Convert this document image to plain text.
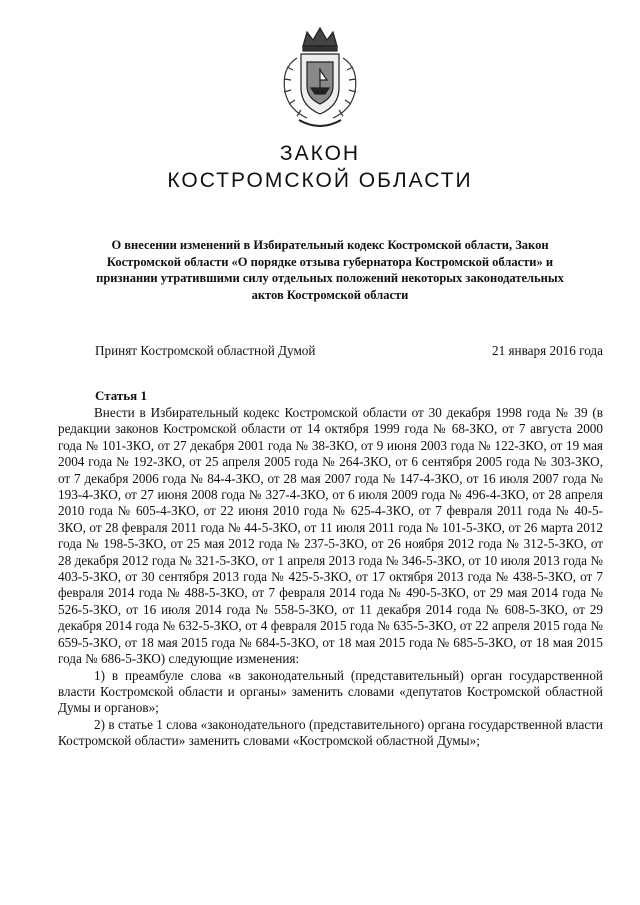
ЗАКОН
КОСТРОМСКОЙ ОБЛАСТИ
О внесении изменений в Избирательный кодекс Костромской области, Закон Костромской области «О порядке отзыва губернатора Костромской области» и признании утратившими силу отдельных положений некоторых законодательных актов Костромской области
Принят Костромской областной Думой	21 января 2016 года
Статья 1

Внести в Избирательный кодекс Костромской области от 30 декабря 1998 года № 39 (в редакции законов Костромской области от 14 октября 1999 года № 68-ЗКО, от 7 августа 2000 года № 101-ЗКО, от 27 декабря 2001 года № 38-ЗКО, от 9 июня 2003 года № 122-ЗКО, от 19 мая 2004 года № 192-ЗКО, от 25 апреля 2005 года № 264-ЗКО, от 6 сентября 2005 года № 303-ЗКО, от 7 декабря 2006 года № 84-4-ЗКО, от 28 мая 2007 года № 147-4-ЗКО, от 16 июля 2007 года № 193-4-ЗКО, от 27 июня 2008 года № 327-4-ЗКО, от 6 июля 2009 года № 496-4-ЗКО, от 28 апреля 2010 года № 605-4-ЗКО, от 22 июня 2010 года № 625-4-ЗКО, от 7 февраля 2011 года № 40-5-ЗКО, от 28 февраля 2011 года № 44-5-ЗКО, от 11 июля 2011 года № 101-5-ЗКО, от 26 марта 2012 года № 198-5-ЗКО, от 25 мая 2012 года № 237-5-ЗКО, от 26 ноября 2012 года № 312-5-ЗКО, от 28 декабря 2012 года № 321-5-ЗКО, от 1 апреля 2013 года № 346-5-ЗКО, от 10 июля 2013 года № 403-5-ЗКО, от 30 сентября 2013 года № 425-5-ЗКО, от 17 октября 2013 года № 438-5-ЗКО, от 7 февраля 2014 года № 488-5-ЗКО, от 7 февраля 2014 года № 490-5-ЗКО, от 29 мая 2014 года № 526-5-ЗКО, от 16 июля 2014 года № 558-5-ЗКО, от 11 декабря 2014 года № 608-5-ЗКО, от 29 декабря 2014 года № 632-5-ЗКО, от 4 февраля 2015 года № 635-5-ЗКО, от 22 апреля 2015 года № 659-5-ЗКО, от 18 мая 2015 года № 684-5-ЗКО, от 18 мая 2015 года № 685-5-ЗКО, от 18 мая 2015 года № 686-5-ЗКО) следующие изменения:

1) в преамбуле слова «в законодательный (представительный) орган государственной власти Костромской области и органы» заменить словами «депутатов Костромской областной Думы и органов»;

2) в статье 1 слова «законодательного (представительного) органа государственной власти Костромской области» заменить словами «Костромской областной Думы»;
